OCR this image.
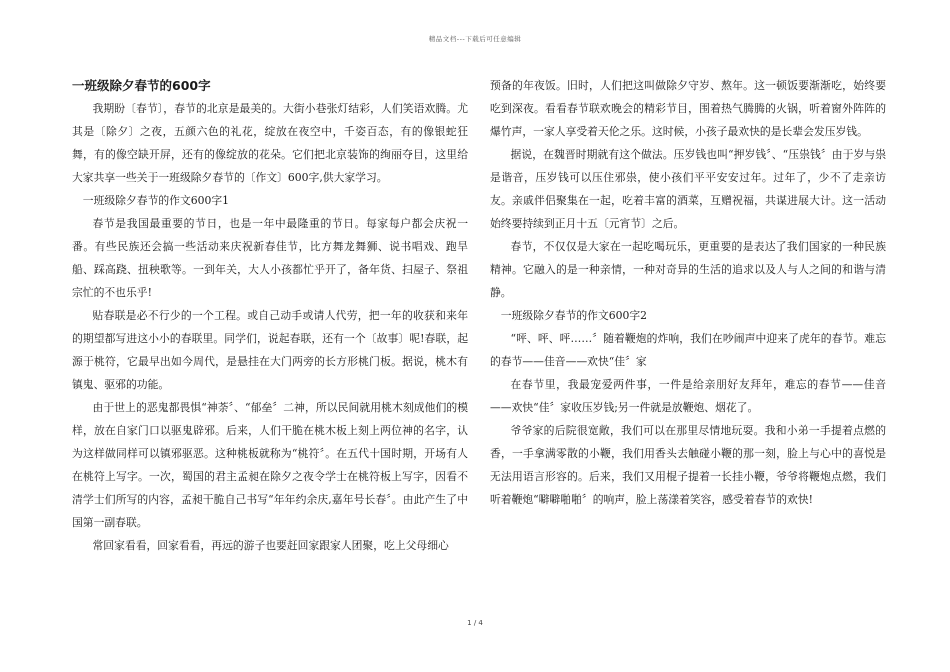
精品文档---下载后可任意编辑
一班级除夕春节的600字

我期盼〔春节〕，春节的北京是最美的。大街小巷张灯结彩，人们笑语欢腾。尤其是〔除夕〕之夜，五颜六色的礼花，绽放在夜空中，千姿百态，有的像银蛇狂舞，有的像空缺开屏，还有的像绽放的花朵。它们把北京装饰的绚丽夺目，这里给大家共享一些关于一班级除夕春节的〔作文〕600字,供大家学习。

一班级除夕春节的作文600字1

春节是我国最重要的节日，也是一年中最隆重的节日。每家每户都会庆祝一番。有些民族还会搞一些活动来庆祝新春佳节，比方舞龙舞狮、说书唱戏、跑旱船、踩高跷、扭秧歌等。一到年关，大人小孩都忙乎开了，备年货、扫屋子、祭祖宗忙的不也乐乎!

贴春联是必不行少的一个工程。或自己动手或请人代劳，把一年的收获和来年的期望都写进这小小的春联里。同学们，说起春联，还有一个〔故事〕呢!春联，起源于桃符，它最早出如今周代，是悬挂在大门两旁的长方形桃门板。据说，桃木有镇鬼、驱邪的功能。

由于世上的恶鬼都畏惧“神荼〞、“郁垒〞二神，所以民间就用桃木刻成他们的模样，放在自家门口以驱鬼辟邪。后来，人们干脆在桃木板上刻上两位神的名字，认为这样做同样可以镇邪驱恶。这种桃板就称为“桃符〞。在五代十国时期，开场有人在桃符上写字。一次，蜀国的君主孟昶在除夕之夜令学士在桃符板上写字，因看不清学士们所写的内容，孟昶干脆自己书写“年年约余庆,嘉年号长春〞。由此产生了中国第一副春联。

常回家看看，回家看看，再远的游子也要赶回家跟家人团聚，吃上父母细心

预备的年夜饭。旧时，人们把这叫做除夕守岁、熬年。这一顿饭要渐渐吃，始终要吃到深夜。看看春节联欢晚会的精彩节目，围着热气腾腾的火锅，听着窗外阵阵的爆竹声，一家人享受着天伦之乐。这时候，小孩子最欢快的是长辈会发压岁钱。

据说，在魏晋时期就有这个做法。压岁钱也叫“押岁钱〞、“压祟钱〞由于岁与祟是谐音，压岁钱可以压住邪祟，使小孩们平平安安过年。过年了，少不了走亲访友。亲戚伴侣聚集在一起，吃着丰富的酒菜，互赠祝福，共谋进展大计。这一活动始终要持续到正月十五〔元宵节〕之后。

春节，不仅仅是大家在一起吃喝玩乐，更重要的是表达了我们国家的一种民族精神。它融入的是一种亲情，一种对奇异的生活的追求以及人与人之间的和谐与清静。

一班级除夕春节的作文600字2

“呯、呯、呯……〞随着鞭炮的炸响，我们在吵闹声中迎来了虎年的春节。难忘的春节——佳音——欢快“佳〞家

在春节里，我最宠爱两件事，一件是给亲朋好友拜年，难忘的春节——佳音——欢快“佳〞家收压岁钱;另一件就是放鞭炮、烟花了。

爷爷家的后院很宽敞，我们可以在那里尽情地玩耍。我和小弟一手提着点燃的香，一手拿满零散的小鞭，我们用香头去触碰小鞭的那一刻，脸上与心中的喜悦是无法用语言形容的。后来，我们又用棍子提着一长挂小鞭，爷爷将鞭炮点燃，我们听着鞭炮“噼噼啪啪〞的响声，脸上荡漾着笑容，感受着春节的欢快!

1 / 4
